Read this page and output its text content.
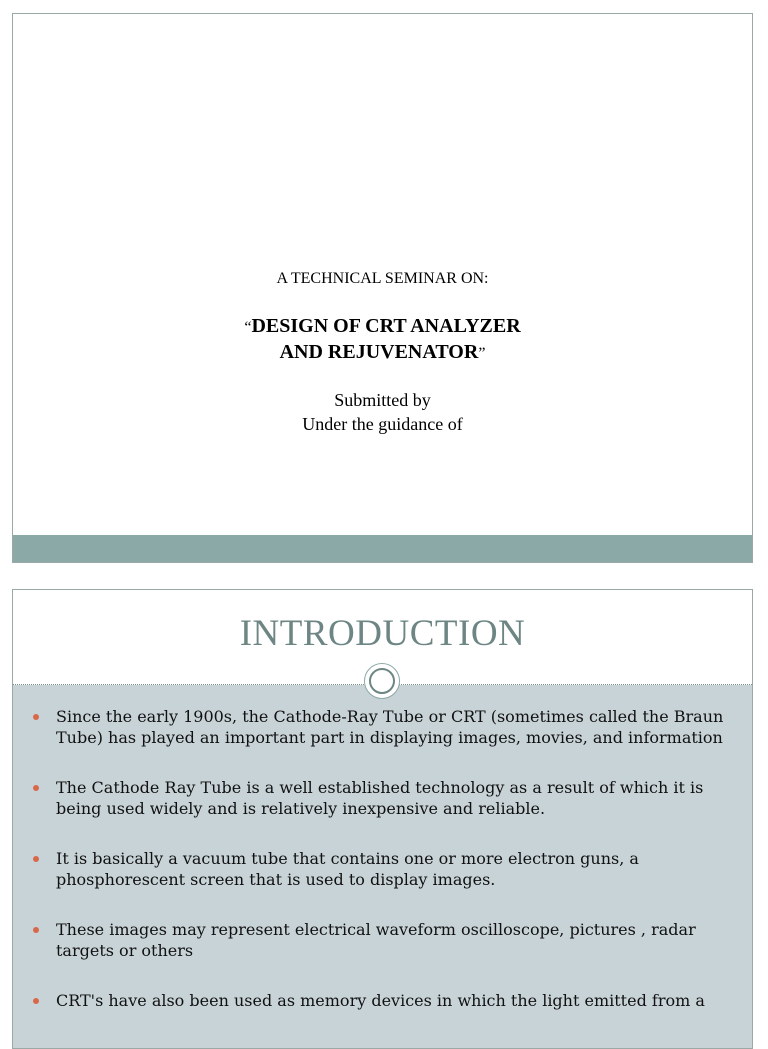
A TECHNICAL SEMINAR ON:
“DESIGN OF CRT ANALYZER
AND REJUVENATOR”
Submitted by
Under the guidance of
INTRODUCTION
Since the early 1900s, the Cathode-Ray Tube or CRT (sometimes called the Braun Tube) has played an important part in displaying images, movies, and information
The Cathode Ray Tube is a well established technology as a result of which it is being used widely and is relatively inexpensive and reliable.
It is basically a vacuum tube that contains one or more electron guns, a phosphorescent screen that is used to display images.
These images may represent electrical waveform oscilloscope, pictures , radar targets or others
CRT's have also been used as memory devices in which the light emitted from a
